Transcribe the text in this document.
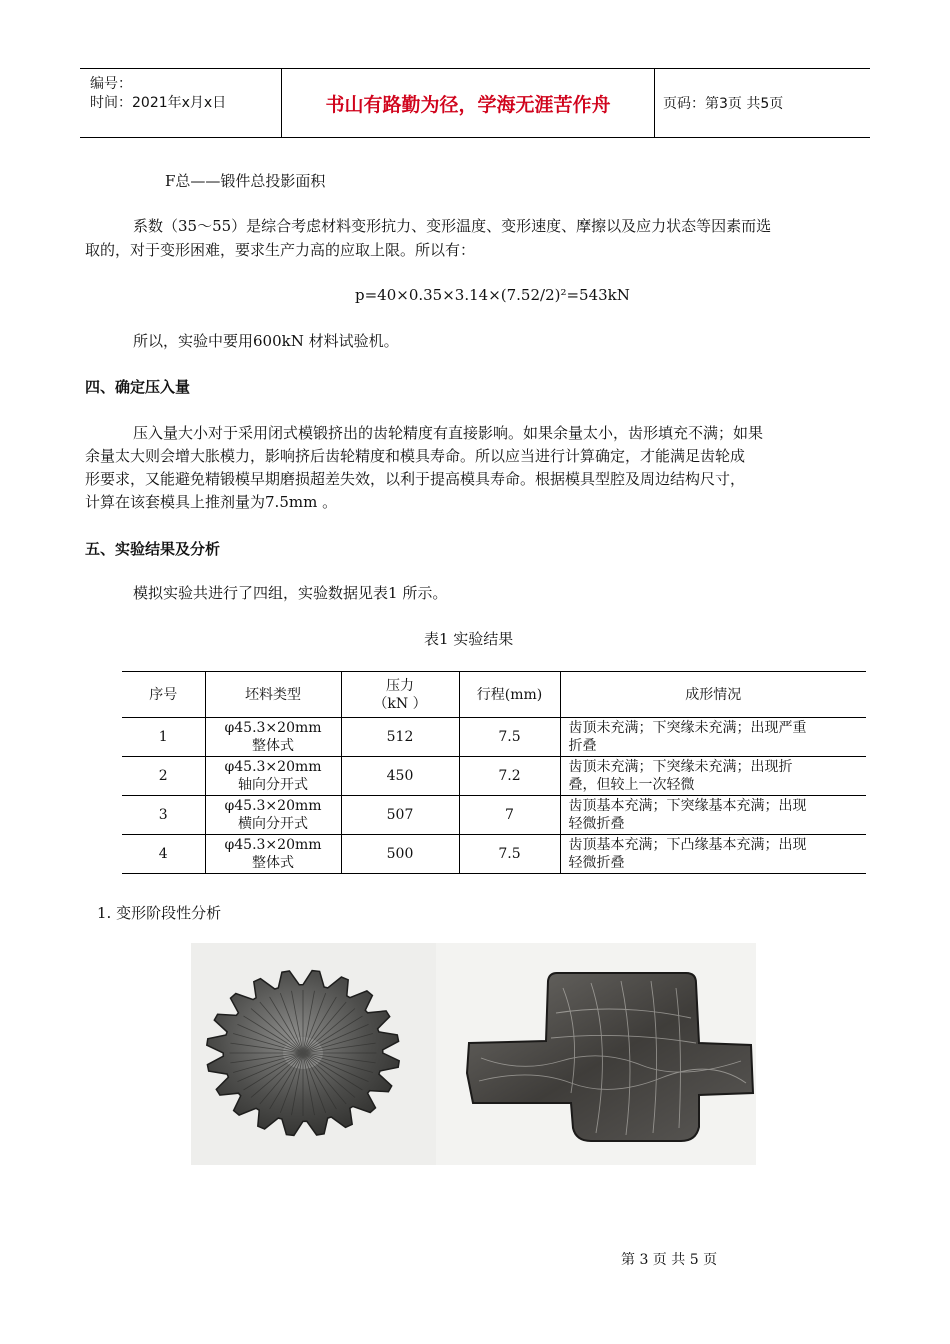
编号：
时间：2021年x月x日	书山有路勤为径，学海无涯苦作舟	页码：第3页 共5页

F总——锻件总投影面积

系数（35～55）是综合考虑材料变形抗力、变形温度、变形速度、摩擦以及应力状态等因素而选

取的，对于变形困难，要求生产力高的应取上限。所以有：

p=40×0.35×3.14×(7.52/2)²=543kN

所以，实验中要用600kN 材料试验机。

四、确定压入量

压入量大小对于采用闭式模锻挤出的齿轮精度有直接影响。如果余量太小，齿形填充不满；如果

余量太大则会增大胀模力，影响挤后齿轮精度和模具寿命。所以应当进行计算确定，才能满足齿轮成

形要求，又能避免精锻模早期磨损超差失效，以利于提高模具寿命。根据模具型腔及周边结构尺寸，

计算在该套模具上推剂量为7.5mm 。

五、实验结果及分析

模拟实验共进行了四组，实验数据见表1 所示。

表1 实验结果

序号	坯料类型	压力
（kN ）	行程(mm)	成形情况
1	φ45.3×20mm
整体式	512	7.5	齿顶未充满；下突缘未充满；出现严重
折叠
2	φ45.3×20mm
轴向分开式	450	7.2	齿顶未充满；下突缘未充满；出现折
叠，但较上一次轻微
3	φ45.3×20mm
横向分开式	507	7	齿顶基本充满；下突缘基本充满；出现
轻微折叠
4	φ45.3×20mm
整体式	500	7.5	齿顶基本充满；下凸缘基本充满；出现
轻微折叠

1. 变形阶段性分析

第 3 页 共 5 页
